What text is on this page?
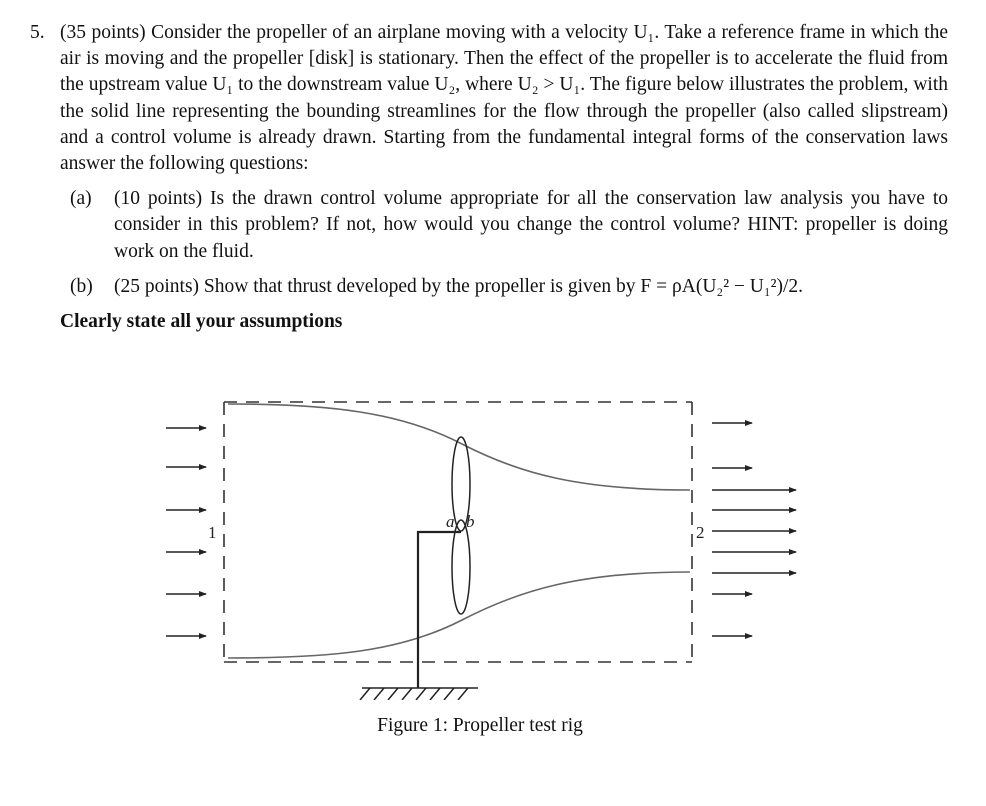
5. (35 points) Consider the propeller of an airplane moving with a velocity U₁. Take a reference frame in which the air is moving and the propeller [disk] is stationary. Then the effect of the propeller is to accelerate the fluid from the upstream value U₁ to the downstream value U₂, where U₂ > U₁. The figure below illustrates the problem, with the solid line representing the bounding streamlines for the flow through the propeller (also called slipstream) and a control volume is already drawn. Starting from the fundamental integral forms of the conservation laws answer the following questions:
(a) (10 points) Is the drawn control volume appropriate for all the conservation law analysis you have to consider in this problem? If not, how would you change the control volume? HINT: propeller is doing work on the fluid.
(b) (25 points) Show that thrust developed by the propeller is given by F = ρA(U₂² − U₁²)/2.
Clearly state all your assumptions
a b
1	2
Figure 1: Propeller test rig
